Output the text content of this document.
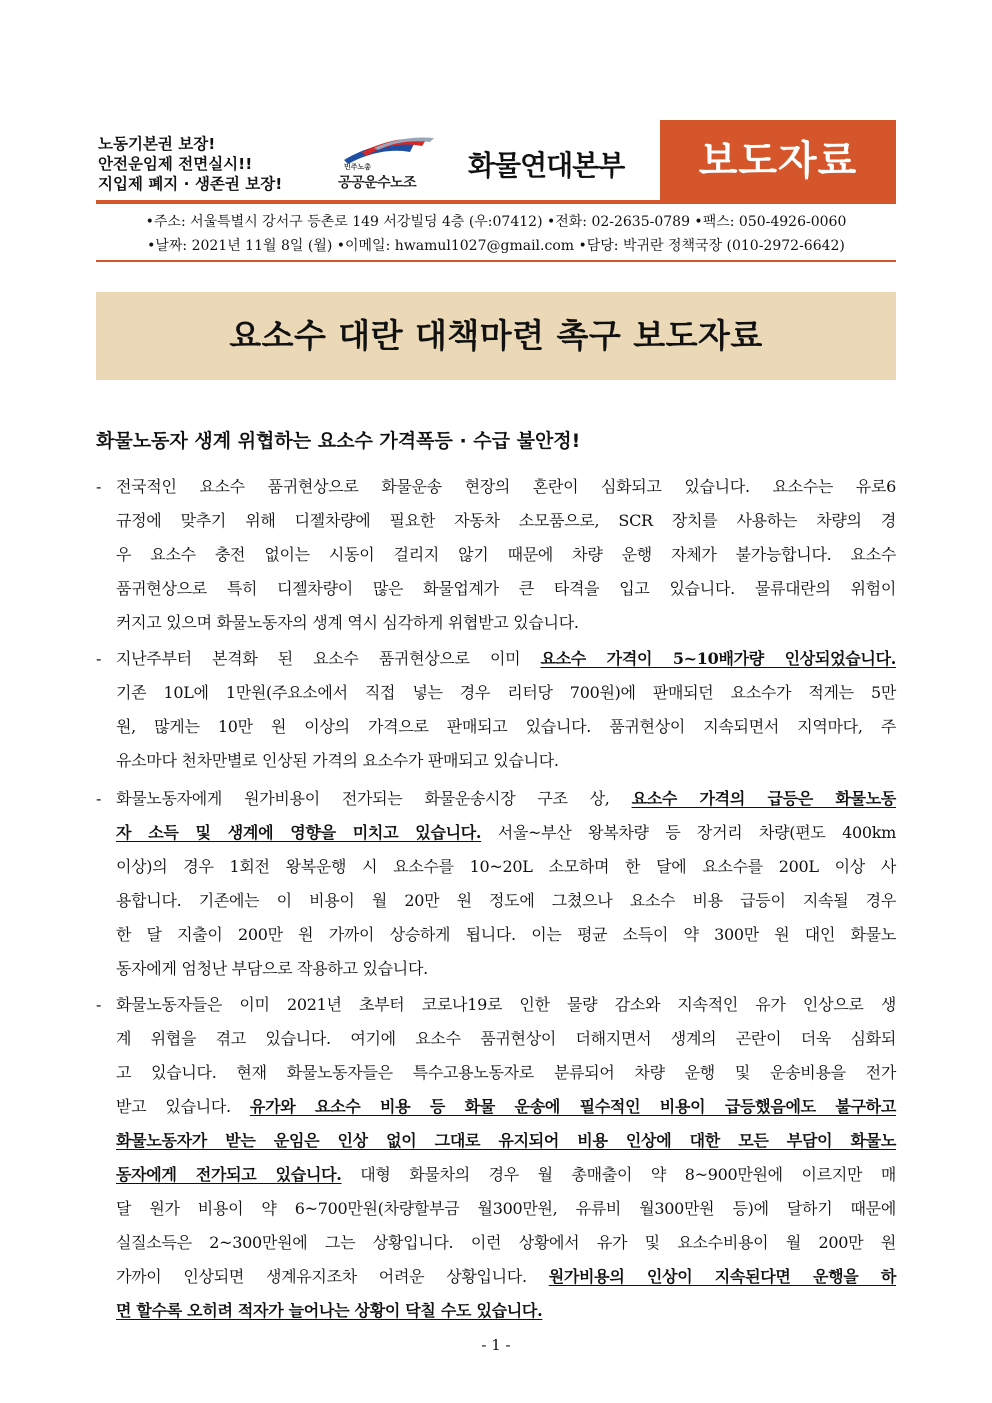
노동기본권 보장!
안전운임제 전면실시!!
지입제 폐지 · 생존권 보장!
민주노총
공공운수노조
화물연대본부	보도자료
•주소: 서울특별시 강서구 등촌로 149 서강빌딩 4층 (우:07412) •전화: 02-2635-0789 •팩스: 050-4926-0060
•날짜: 2021년 11월 8일 (월) •이메일: hwamul1027@gmail.com •담당: 박귀란 정책국장 (010-2972-6642)
요소수 대란 대책마련 촉구 보도자료
화물노동자 생계 위협하는 요소수 가격폭등 · 수급 불안정!
- 전국적인 요소수 품귀현상으로 화물운송 현장의 혼란이 심화되고 있습니다. 요소수는 유로6
규정에 맞추기 위해 디젤차량에 필요한 자동차 소모품으로, SCR 장치를 사용하는 차량의 경
우 요소수 충전 없이는 시동이 걸리지 않기 때문에 차량 운행 자체가 불가능합니다. 요소수
품귀현상으로 특히 디젤차량이 많은 화물업계가 큰 타격을 입고 있습니다. 물류대란의 위험이
커지고 있으며 화물노동자의 생계 역시 심각하게 위협받고 있습니다.
- 지난주부터 본격화 된 요소수 품귀현상으로 이미 요소수 가격이 5~10배가량 인상되었습니다.
기존 10L에 1만원(주요소에서 직접 넣는 경우 리터당 700원)에 판매되던 요소수가 적게는 5만
원, 많게는 10만 원 이상의 가격으로 판매되고 있습니다. 품귀현상이 지속되면서 지역마다, 주
유소마다 천차만별로 인상된 가격의 요소수가 판매되고 있습니다.
- 화물노동자에게 원가비용이 전가되는 화물운송시장 구조 상, 요소수 가격의 급등은 화물노동
자 소득 및 생계에 영향을 미치고 있습니다. 서울~부산 왕복차량 등 장거리 차량(편도 400km
이상)의 경우 1회전 왕복운행 시 요소수를 10~20L 소모하며 한 달에 요소수를 200L 이상 사
용합니다. 기존에는 이 비용이 월 20만 원 정도에 그쳤으나 요소수 비용 급등이 지속될 경우
한 달 지출이 200만 원 가까이 상승하게 됩니다. 이는 평균 소득이 약 300만 원 대인 화물노
동자에게 엄청난 부담으로 작용하고 있습니다.
- 화물노동자들은 이미 2021년 초부터 코로나19로 인한 물량 감소와 지속적인 유가 인상으로 생
계 위협을 겪고 있습니다. 여기에 요소수 품귀현상이 더해지면서 생계의 곤란이 더욱 심화되
고 있습니다. 현재 화물노동자들은 특수고용노동자로 분류되어 차량 운행 및 운송비용을 전가
받고 있습니다. 유가와 요소수 비용 등 화물 운송에 필수적인 비용이 급등했음에도 불구하고
화물노동자가 받는 운임은 인상 없이 그대로 유지되어 비용 인상에 대한 모든 부담이 화물노
동자에게 전가되고 있습니다. 대형 화물차의 경우 월 총매출이 약 8~900만원에 이르지만 매
달 원가 비용이 약 6~700만원(차량할부금 월300만원, 유류비 월300만원 등)에 달하기 때문에
실질소득은 2~300만원에 그는 상황입니다. 이런 상황에서 유가 및 요소수비용이 월 200만 원
가까이 인상되면 생계유지조차 어려운 상황입니다. 원가비용의 인상이 지속된다면 운행을 하
면 할수록 오히려 적자가 늘어나는 상황이 닥칠 수도 있습니다.
- 1 -
